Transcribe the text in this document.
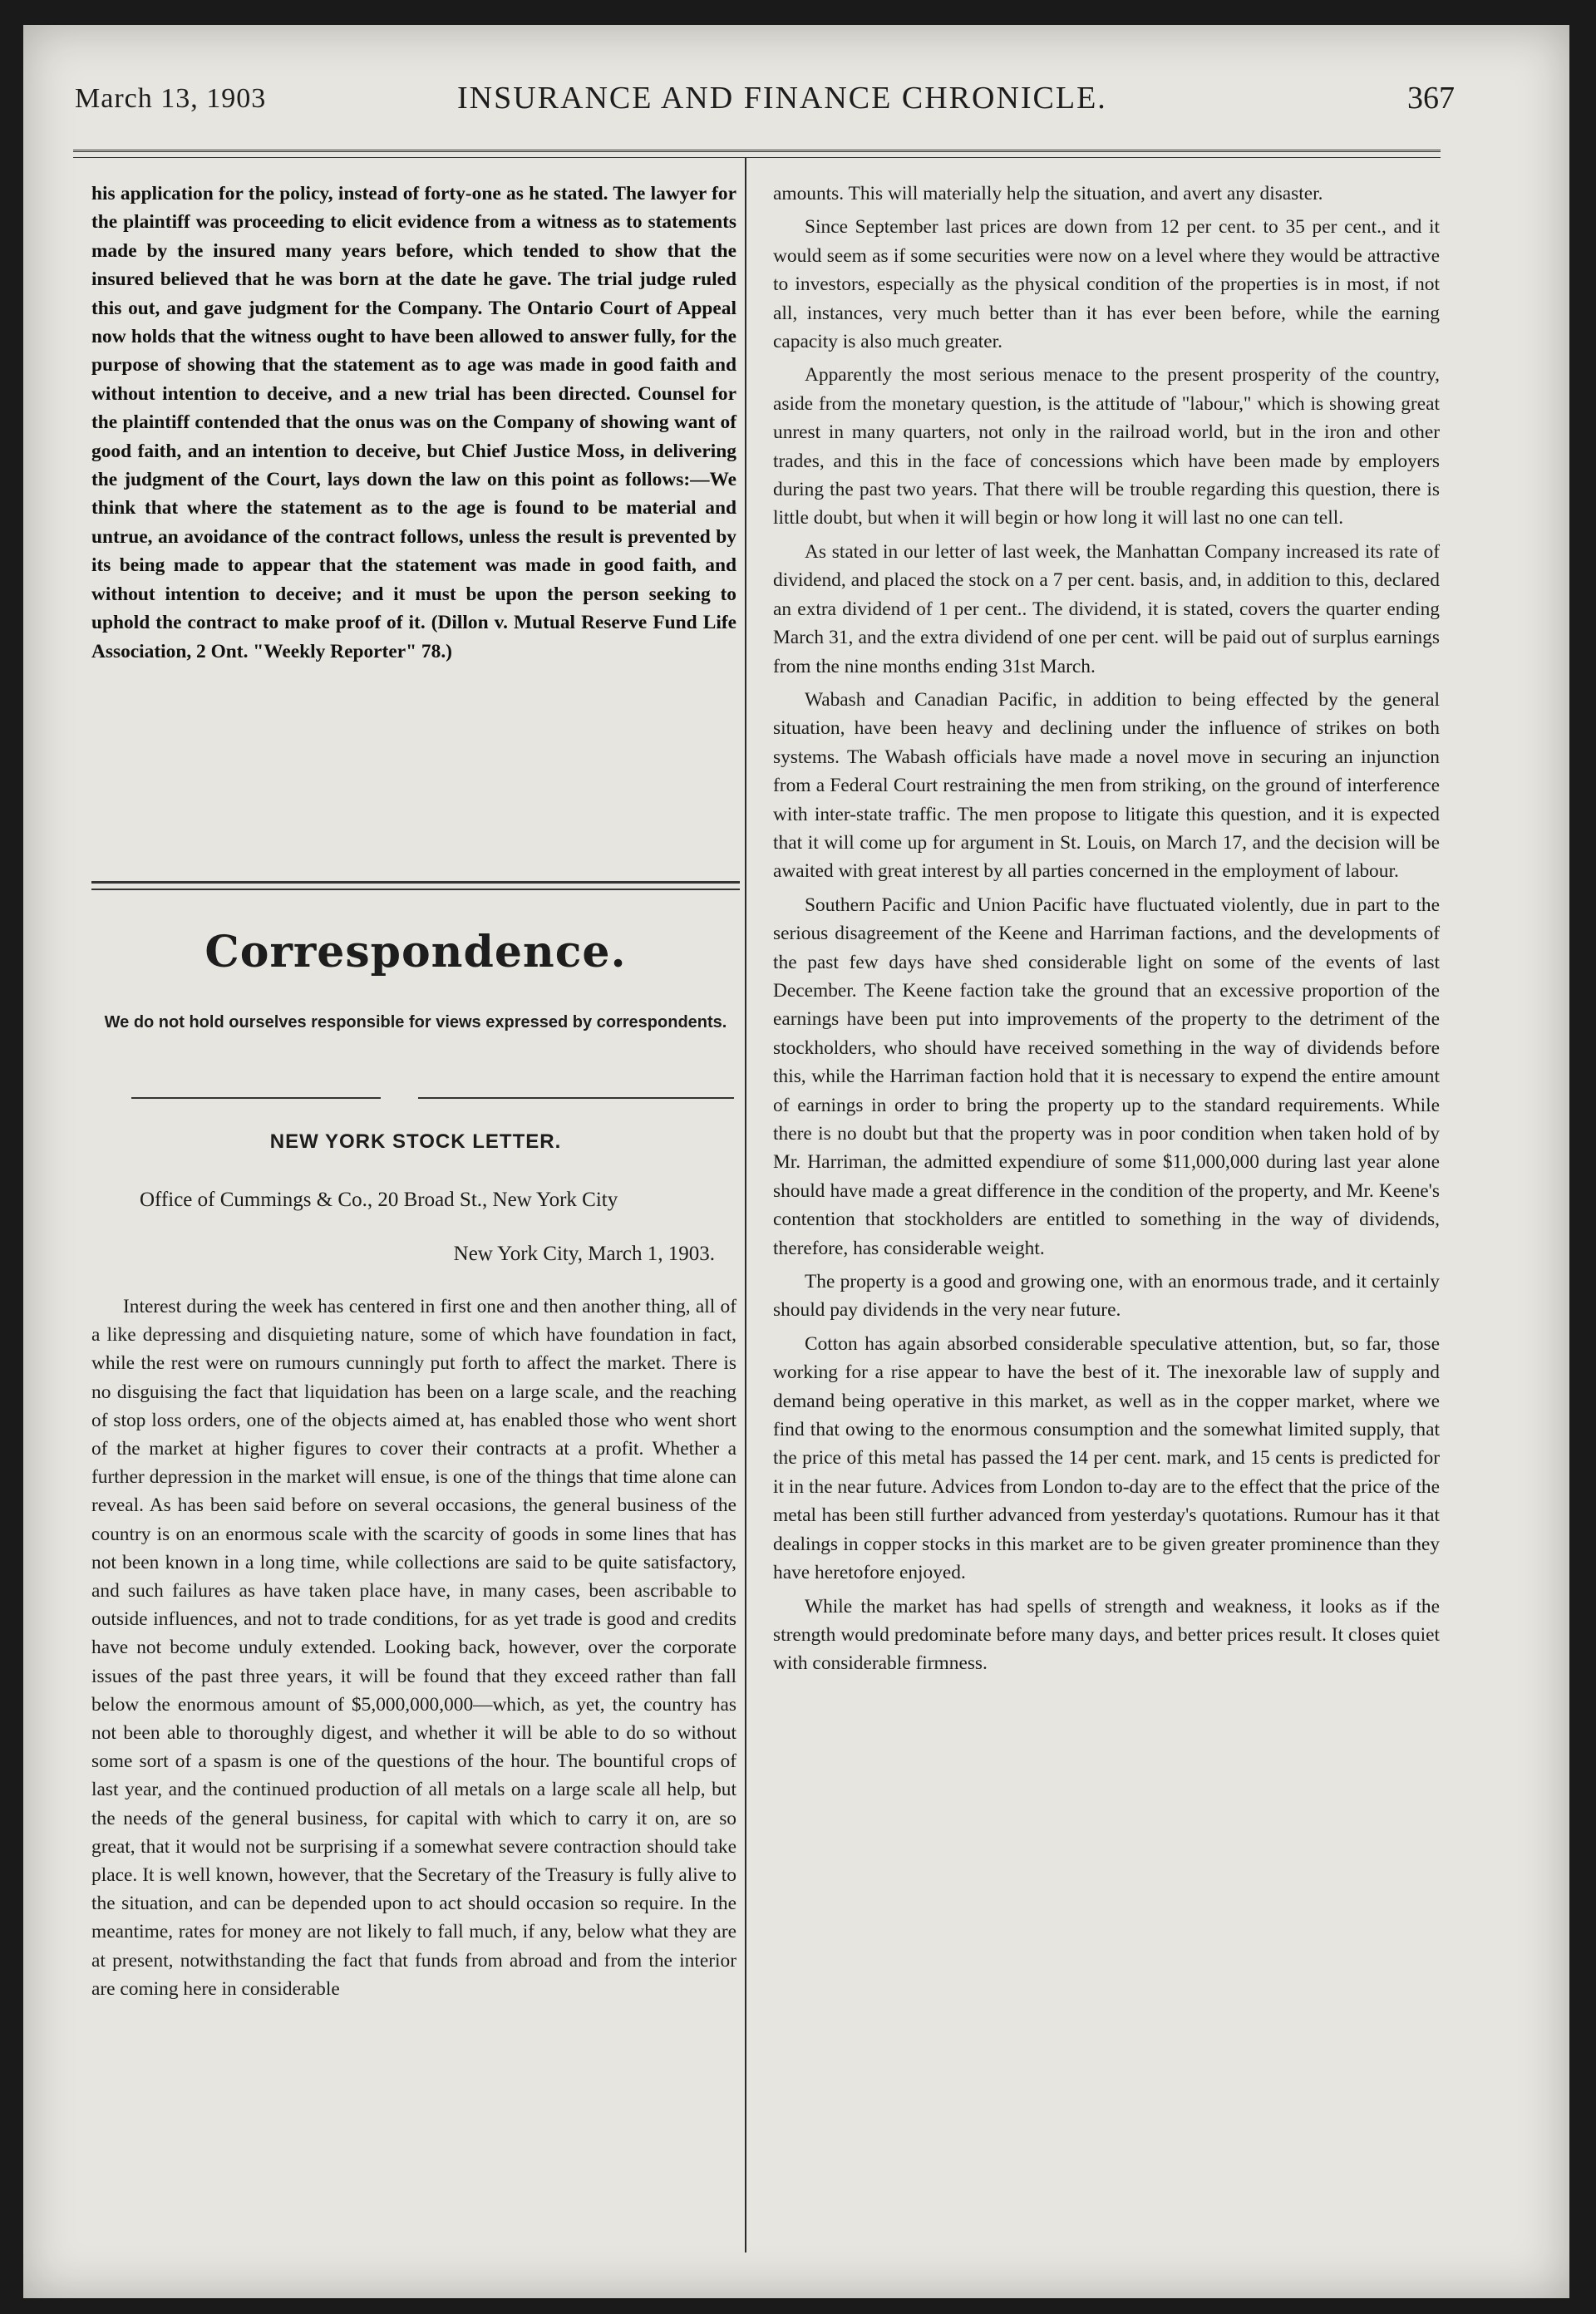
March 13, 1903	INSURANCE AND FINANCE CHRONICLE.	367

his application for the policy, instead of forty-one as he stated. The lawyer for the plaintiff was proceeding to elicit evidence from a witness as to statements made by the insured many years before, which tended to show that the insured believed that he was born at the date he gave. The trial judge ruled this out, and gave judgment for the Company. The Ontario Court of Appeal now holds that the witness ought to have been allowed to answer fully, for the purpose of showing that the statement as to age was made in good faith and without intention to deceive, and a new trial has been directed. Counsel for the plaintiff contended that the onus was on the Company of showing want of good faith, and an intention to deceive, but Chief Justice Moss, in delivering the judgment of the Court, lays down the law on this point as follows:—We think that where the statement as to the age is found to be material and untrue, an avoidance of the contract follows, unless the result is prevented by its being made to appear that the statement was made in good faith, and without intention to deceive; and it must be upon the person seeking to uphold the contract to make proof of it. (Dillon v. Mutual Reserve Fund Life Association, 2 Ont. "Weekly Reporter" 78.)

Correspondence.
We do not hold ourselves responsible for views expressed by correspondents.
NEW YORK STOCK LETTER.
Office of Cummings & Co., 20 Broad St., New York City
New York City, March 1, 1903.

Interest during the week has centered in first one and then another thing, all of a like depressing and disquieting nature, some of which have foundation in fact, while the rest were on rumours cunningly put forth to affect the market. There is no disguising the fact that liquidation has been on a large scale, and the reaching of stop loss orders, one of the objects aimed at, has enabled those who went short of the market at higher figures to cover their contracts at a profit. Whether a further depression in the market will ensue, is one of the things that time alone can reveal. As has been said before on several occasions, the general business of the country is on an enormous scale with the scarcity of goods in some lines that has not been known in a long time, while collections are said to be quite satisfactory, and such failures as have taken place have, in many cases, been ascribable to outside influences, and not to trade conditions, for as yet trade is good and credits have not become unduly extended. Looking back, however, over the corporate issues of the past three years, it will be found that they exceed rather than fall below the enormous amount of $5,000,000,000—which, as yet, the country has not been able to thoroughly digest, and whether it will be able to do so without some sort of a spasm is one of the questions of the hour. The bountiful crops of last year, and the continued production of all metals on a large scale all help, but the needs of the general business, for capital with which to carry it on, are so great, that it would not be surprising if a somewhat severe contraction should take place. It is well known, however, that the Secretary of the Treasury is fully alive to the situation, and can be depended upon to act should occasion so require. In the meantime, rates for money are not likely to fall much, if any, below what they are at present, notwithstanding the fact that funds from abroad and from the interior are coming here in considerable

amounts. This will materially help the situation, and avert any disaster.

Since September last prices are down from 12 per cent. to 35 per cent., and it would seem as if some securities were now on a level where they would be attractive to investors, especially as the physical condition of the properties is in most, if not all, instances, very much better than it has ever been before, while the earning capacity is also much greater.

Apparently the most serious menace to the present prosperity of the country, aside from the monetary question, is the attitude of "labour," which is showing great unrest in many quarters, not only in the railroad world, but in the iron and other trades, and this in the face of concessions which have been made by employers during the past two years. That there will be trouble regarding this question, there is little doubt, but when it will begin or how long it will last no one can tell.

As stated in our letter of last week, the Manhattan Company increased its rate of dividend, and placed the stock on a 7 per cent. basis, and, in addition to this, declared an extra dividend of 1 per cent.. The dividend, it is stated, covers the quarter ending March 31, and the extra dividend of one per cent. will be paid out of surplus earnings from the nine months ending 31st March.

Wabash and Canadian Pacific, in addition to being effected by the general situation, have been heavy and declining under the influence of strikes on both systems. The Wabash officials have made a novel move in securing an injunction from a Federal Court restraining the men from striking, on the ground of interference with inter-state traffic. The men propose to litigate this question, and it is expected that it will come up for argument in St. Louis, on March 17, and the decision will be awaited with great interest by all parties concerned in the employment of labour.

Southern Pacific and Union Pacific have fluctuated violently, due in part to the serious disagreement of the Keene and Harriman factions, and the developments of the past few days have shed considerable light on some of the events of last December. The Keene faction take the ground that an excessive proportion of the earnings have been put into improvements of the property to the detriment of the stockholders, who should have received something in the way of dividends before this, while the Harriman faction hold that it is necessary to expend the entire amount of earnings in order to bring the property up to the standard requirements. While there is no doubt but that the property was in poor condition when taken hold of by Mr. Harriman, the admitted expendiure of some $11,000,000 during last year alone should have made a great difference in the condition of the property, and Mr. Keene's contention that stockholders are entitled to something in the way of dividends, therefore, has considerable weight.

The property is a good and growing one, with an enormous trade, and it certainly should pay dividends in the very near future.

Cotton has again absorbed considerable speculative attention, but, so far, those working for a rise appear to have the best of it. The inexorable law of supply and demand being operative in this market, as well as in the copper market, where we find that owing to the enormous consumption and the somewhat limited supply, that the price of this metal has passed the 14 per cent. mark, and 15 cents is predicted for it in the near future. Advices from London to-day are to the effect that the price of the metal has been still further advanced from yesterday's quotations. Rumour has it that dealings in copper stocks in this market are to be given greater prominence than they have heretofore enjoyed.

While the market has had spells of strength and weakness, it looks as if the strength would predominate before many days, and better prices result. It closes quiet with considerable firmness.
